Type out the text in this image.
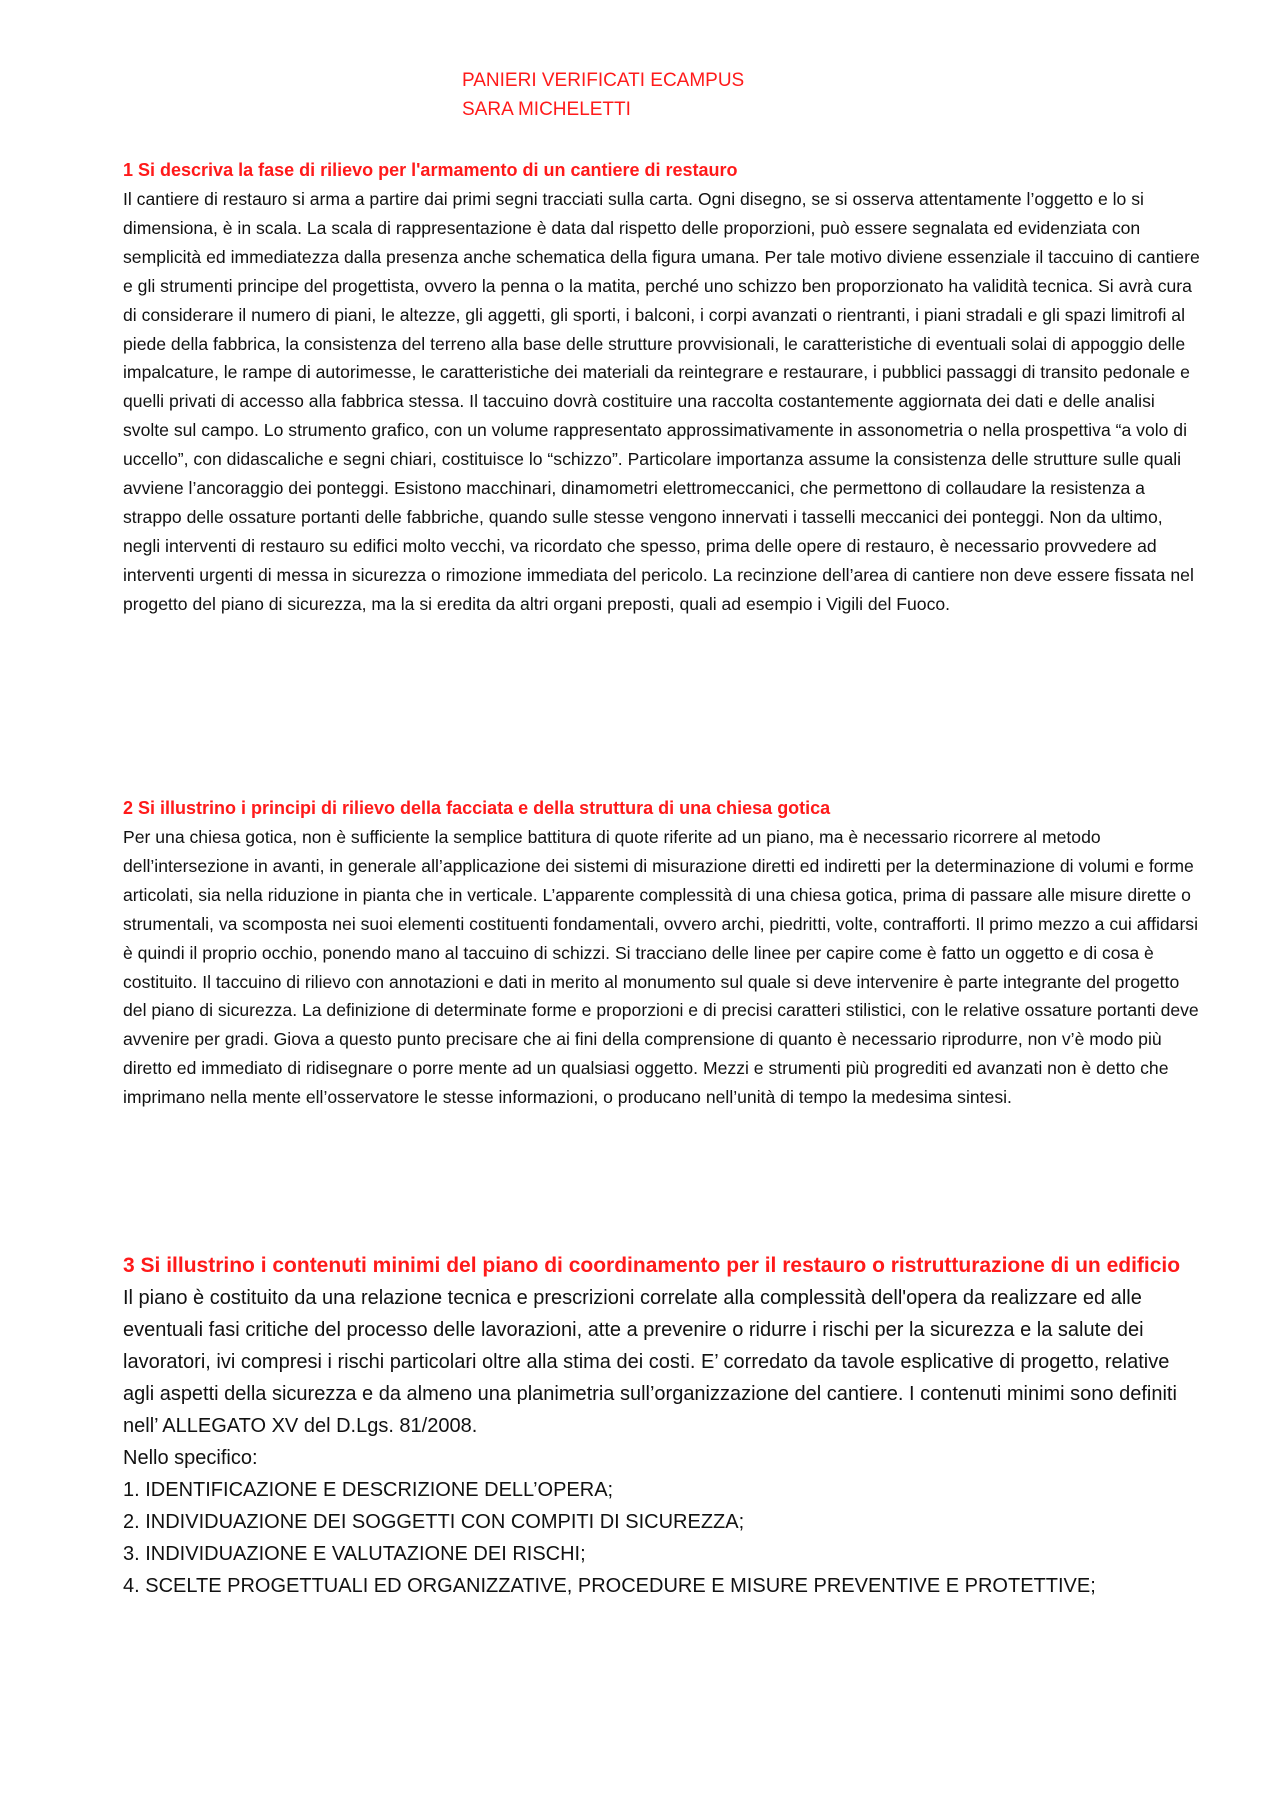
PANIERI VERIFICATI ECAMPUS
SARA MICHELETTI

1 Si descriva la fase di rilievo per l'armamento di un cantiere di restauro

Il cantiere di restauro si arma a partire dai primi segni tracciati sulla carta. Ogni disegno, se si osserva attentamente l’oggetto e lo si dimensiona, è in scala. La scala di rappresentazione è data dal rispetto delle proporzioni, può essere segnalata ed evidenziata con semplicità ed immediatezza dalla presenza anche schematica della figura umana. Per tale motivo diviene essenziale il taccuino di cantiere e gli strumenti principe del progettista, ovvero la penna o la matita, perché uno schizzo ben proporzionato ha validità tecnica. Si avrà cura di considerare il numero di piani, le altezze, gli aggetti, gli sporti, i balconi, i corpi avanzati o rientranti, i piani stradali e gli spazi limitrofi al piede della fabbrica, la consistenza del terreno alla base delle strutture provvisionali, le caratteristiche di eventuali solai di appoggio delle impalcature, le rampe di autorimesse, le caratteristiche dei materiali da reintegrare e restaurare, i pubblici passaggi di transito pedonale e quelli privati di accesso alla fabbrica stessa. Il taccuino dovrà costituire una raccolta costantemente aggiornata dei dati e delle analisi svolte sul campo. Lo strumento grafico, con un volume rappresentato approssimativamente in assonometria o nella prospettiva “a volo di uccello”, con didascaliche e segni chiari, costituisce lo “schizzo”. Particolare importanza assume la consistenza delle strutture sulle quali avviene l’ancoraggio dei ponteggi. Esistono macchinari, dinamometri elettromeccanici, che permettono di collaudare la resistenza a strappo delle ossature portanti delle fabbriche, quando sulle stesse vengono innervati i tasselli meccanici dei ponteggi. Non da ultimo, negli interventi di restauro su edifici molto vecchi, va ricordato che spesso, prima delle opere di restauro, è necessario provvedere ad interventi urgenti di messa in sicurezza o rimozione immediata del pericolo. La recinzione dell’area di cantiere non deve essere fissata nel progetto del piano di sicurezza, ma la si eredita da altri organi preposti, quali ad esempio i Vigili del Fuoco.

2 Si illustrino i principi di rilievo della facciata e della struttura di una chiesa gotica

Per una chiesa gotica, non è sufficiente la semplice battitura di quote riferite ad un piano, ma è necessario ricorrere al metodo dell’intersezione in avanti, in generale all’applicazione dei sistemi di misurazione diretti ed indiretti per la determinazione di volumi e forme articolati, sia nella riduzione in pianta che in verticale. L’apparente complessità di una chiesa gotica, prima di passare alle misure dirette o strumentali, va scomposta nei suoi elementi costituenti fondamentali, ovvero archi, piedritti, volte, contrafforti. Il primo mezzo a cui affidarsi è quindi il proprio occhio, ponendo mano al taccuino di schizzi. Si tracciano delle linee per capire come è fatto un oggetto e di cosa è costituito. Il taccuino di rilievo con annotazioni e dati in merito al monumento sul quale si deve intervenire è parte integrante del progetto del piano di sicurezza. La definizione di determinate forme e proporzioni e di precisi caratteri stilistici, con le relative ossature portanti deve avvenire per gradi. Giova a questo punto precisare che ai fini della comprensione di quanto è necessario riprodurre, non v’è modo più diretto ed immediato di ridisegnare o porre mente ad un qualsiasi oggetto. Mezzi e strumenti più progrediti ed avanzati non è detto che imprimano nella mente ell’osservatore le stesse informazioni, o producano nell’unità di tempo la medesima sintesi.

3 Si illustrino i contenuti minimi del piano di coordinamento per il restauro o ristrutturazione di un edificio

Il piano è costituito da una relazione tecnica e prescrizioni correlate alla complessità dell'opera da realizzare ed alle eventuali fasi critiche del processo delle lavorazioni, atte a prevenire o ridurre i rischi per la sicurezza e la salute dei lavoratori, ivi compresi i rischi particolari oltre alla stima dei costi. E’ corredato da tavole esplicative di progetto, relative agli aspetti della sicurezza e da almeno una planimetria sull’organizzazione del cantiere. I contenuti minimi sono definiti nell’ ALLEGATO XV del D.Lgs. 81/2008.

Nello specifico:

1. IDENTIFICAZIONE E DESCRIZIONE DELL’OPERA;
2. INDIVIDUAZIONE DEI SOGGETTI CON COMPITI DI SICUREZZA;
3. INDIVIDUAZIONE E VALUTAZIONE DEI RISCHI;
4. SCELTE PROGETTUALI ED ORGANIZZATIVE, PROCEDURE E MISURE PREVENTIVE E PROTETTIVE;
